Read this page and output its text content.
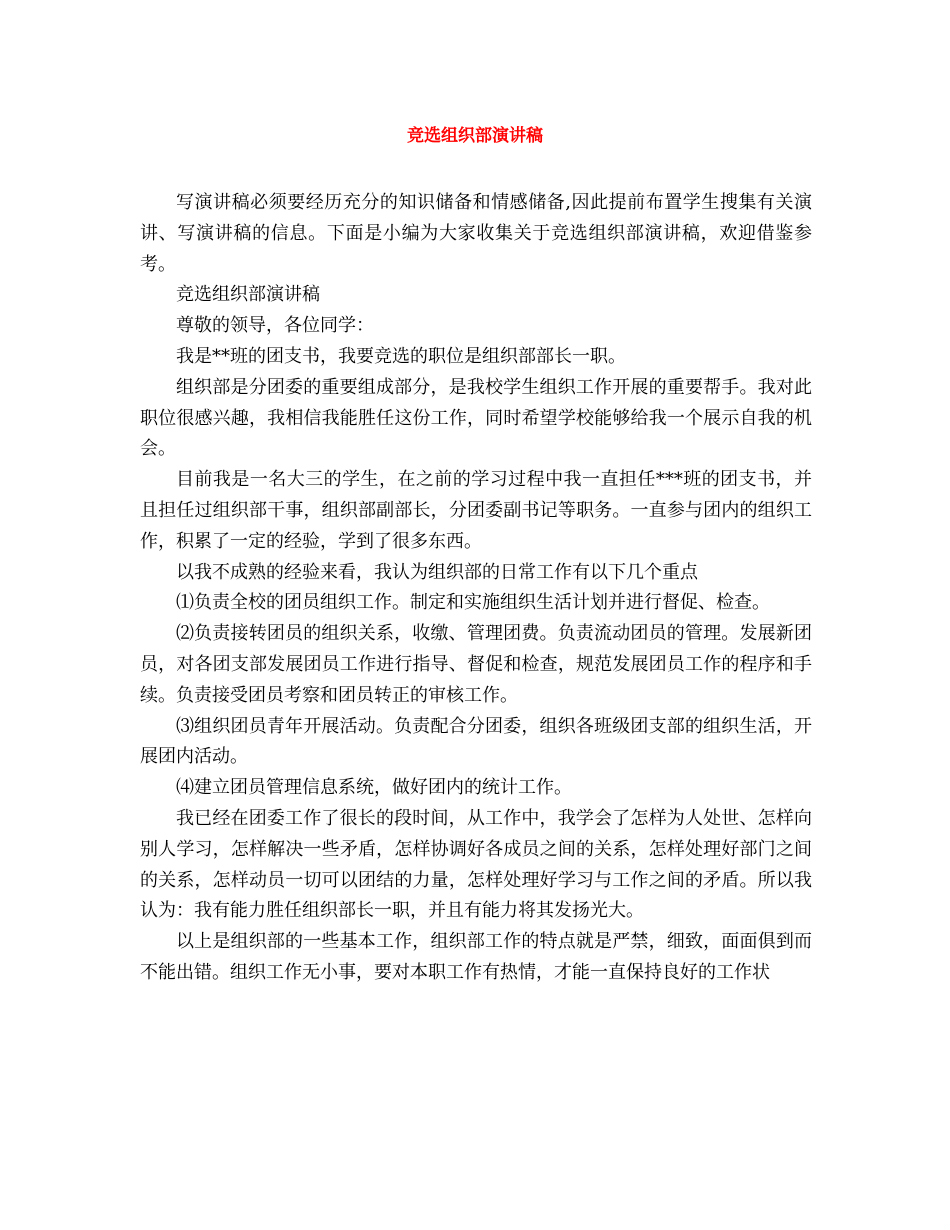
竞选组织部演讲稿

写演讲稿必须要经历充分的知识储备和情感储备,因此提前布置学生搜集有关演讲、写演讲稿的信息。下面是小编为大家收集关于竞选组织部演讲稿，欢迎借鉴参考。

竞选组织部演讲稿

尊敬的领导，各位同学：

我是**班的团支书，我要竞选的职位是组织部部长一职。

组织部是分团委的重要组成部分，是我校学生组织工作开展的重要帮手。我对此职位很感兴趣，我相信我能胜任这份工作，同时希望学校能够给我一个展示自我的机会。

目前我是一名大三的学生，在之前的学习过程中我一直担任***班的团支书，并且担任过组织部干事，组织部副部长，分团委副书记等职务。一直参与团内的组织工作，积累了一定的经验，学到了很多东西。

以我不成熟的经验来看，我认为组织部的日常工作有以下几个重点

⑴负责全校的团员组织工作。制定和实施组织生活计划并进行督促、检查。

⑵负责接转团员的组织关系，收缴、管理团费。负责流动团员的管理。发展新团员，对各团支部发展团员工作进行指导、督促和检查，规范发展团员工作的程序和手续。负责接受团员考察和团员转正的审核工作。

⑶组织团员青年开展活动。负责配合分团委，组织各班级团支部的组织生活，开展团内活动。

⑷建立团员管理信息系统，做好团内的统计工作。

我已经在团委工作了很长的段时间，从工作中，我学会了怎样为人处世、怎样向别人学习，怎样解决一些矛盾，怎样协调好各成员之间的关系，怎样处理好部门之间的关系，怎样动员一切可以团结的力量，怎样处理好学习与工作之间的矛盾。所以我认为：我有能力胜任组织部长一职，并且有能力将其发扬光大。

以上是组织部的一些基本工作，组织部工作的特点就是严禁，细致，面面俱到而不能出错。组织工作无小事，要对本职工作有热情，才能一直保持良好的工作状
